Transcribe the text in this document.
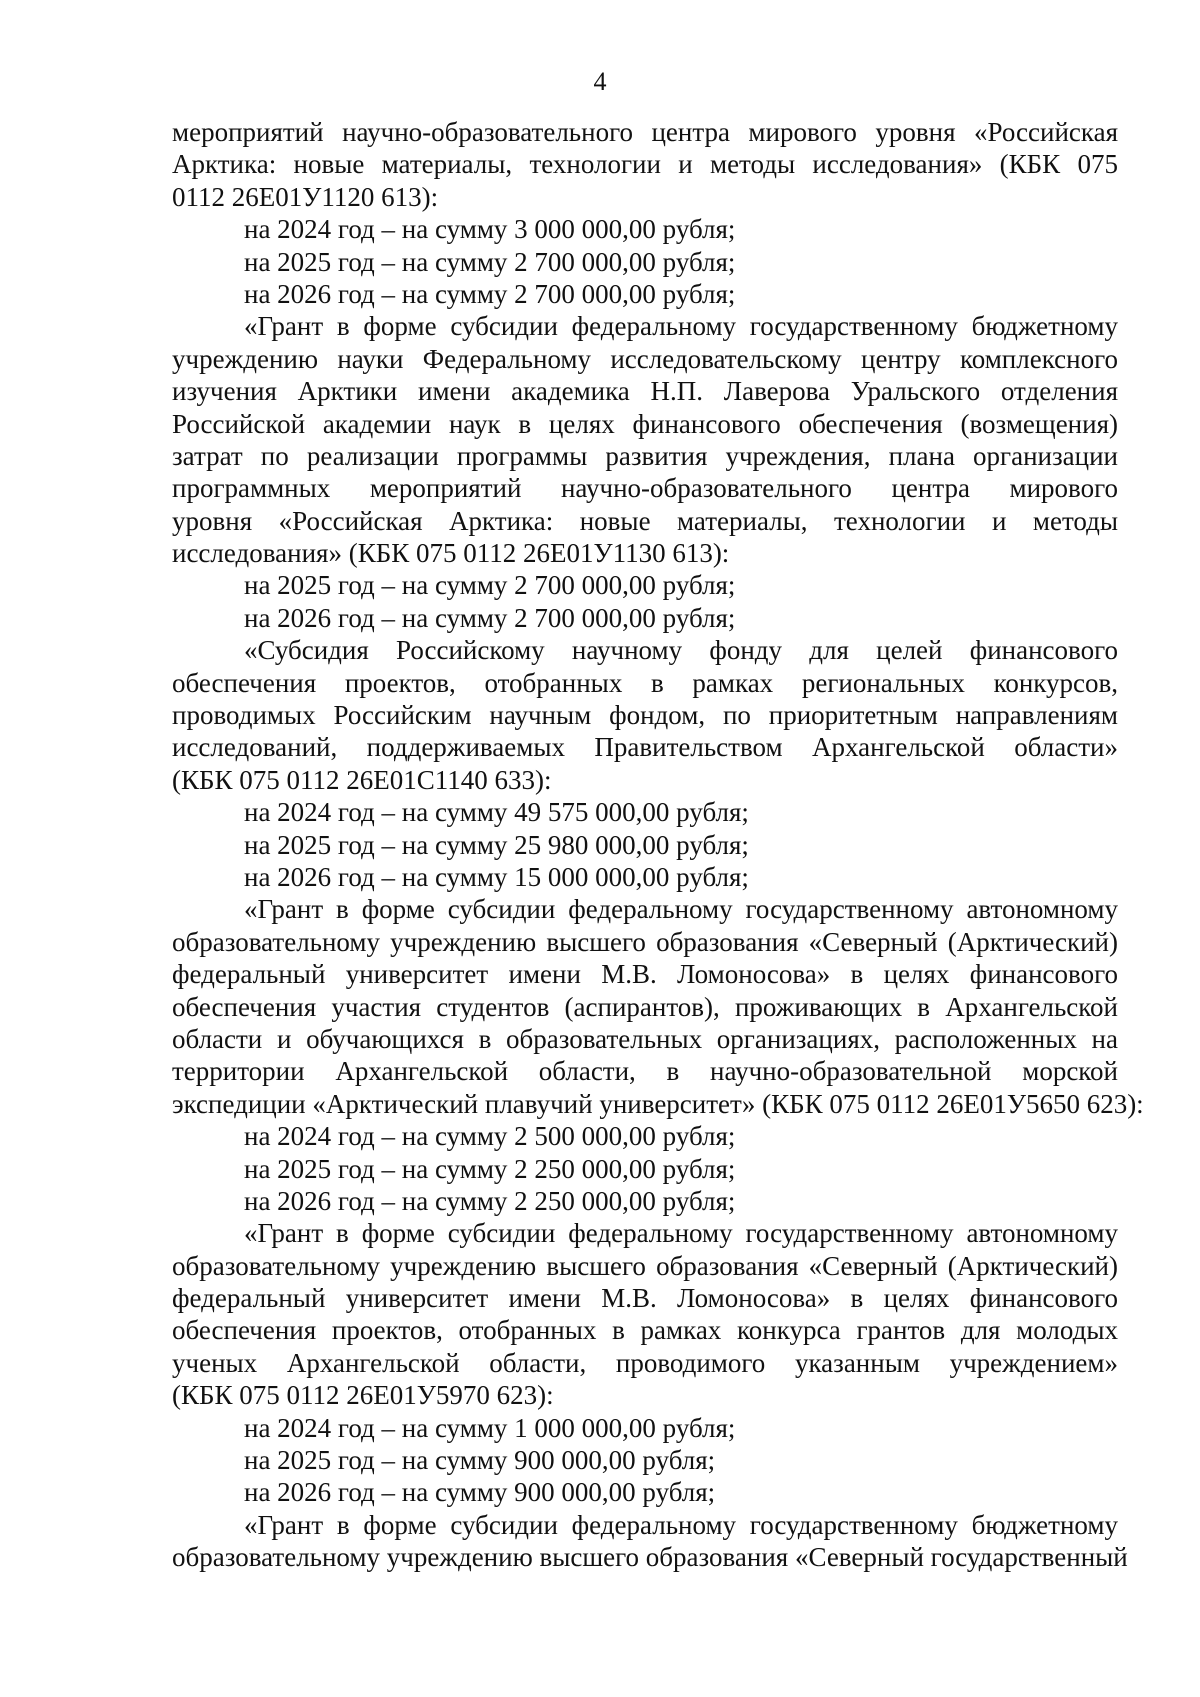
4
мероприятий научно-образовательного центра мирового уровня «Российская
Арктика: новые материалы, технологии и методы исследования» (КБК 075
0112 26Е01У1120 613):
на 2024 год – на сумму 3 000 000,00 рубля;
на 2025 год – на сумму 2 700 000,00 рубля;
на 2026 год – на сумму 2 700 000,00 рубля;
«Грант в форме субсидии федеральному государственному бюджетному
учреждению науки Федеральному исследовательскому центру комплексного
изучения Арктики имени академика Н.П. Лаверова Уральского отделения
Российской академии наук в целях финансового обеспечения (возмещения)
затрат по реализации программы развития учреждения, плана организации
программных мероприятий научно-образовательного центра мирового
уровня «Российская Арктика: новые материалы, технологии и методы
исследования» (КБК 075 0112 26Е01У1130 613):
на 2025 год – на сумму 2 700 000,00 рубля;
на 2026 год – на сумму 2 700 000,00 рубля;
«Субсидия Российскому научному фонду для целей финансового
обеспечения проектов, отобранных в рамках региональных конкурсов,
проводимых Российским научным фондом, по приоритетным направлениям
исследований, поддерживаемых Правительством Архангельской области»
(КБК 075 0112 26Е01С1140 633):
на 2024 год – на сумму 49 575 000,00 рубля;
на 2025 год – на сумму 25 980 000,00 рубля;
на 2026 год – на сумму 15 000 000,00 рубля;
«Грант в форме субсидии федеральному государственному автономному
образовательному учреждению высшего образования «Северный (Арктический)
федеральный университет имени М.В. Ломоносова» в целях финансового
обеспечения участия студентов (аспирантов), проживающих в Архангельской
области и обучающихся в образовательных организациях, расположенных на
территории Архангельской области, в научно-образовательной морской
экспедиции «Арктический плавучий университет» (КБК 075 0112 26Е01У5650 623):
на 2024 год – на сумму 2 500 000,00 рубля;
на 2025 год – на сумму 2 250 000,00 рубля;
на 2026 год – на сумму 2 250 000,00 рубля;
«Грант в форме субсидии федеральному государственному автономному
образовательному учреждению высшего образования «Северный (Арктический)
федеральный университет имени М.В. Ломоносова» в целях финансового
обеспечения проектов, отобранных в рамках конкурса грантов для молодых
ученых Архангельской области, проводимого указанным учреждением»
(КБК 075 0112 26Е01У5970 623):
на 2024 год – на сумму 1 000 000,00 рубля;
на 2025 год – на сумму 900 000,00 рубля;
на 2026 год – на сумму 900 000,00 рубля;
«Грант в форме субсидии федеральному государственному бюджетному
образовательному учреждению высшего образования «Северный государственный
